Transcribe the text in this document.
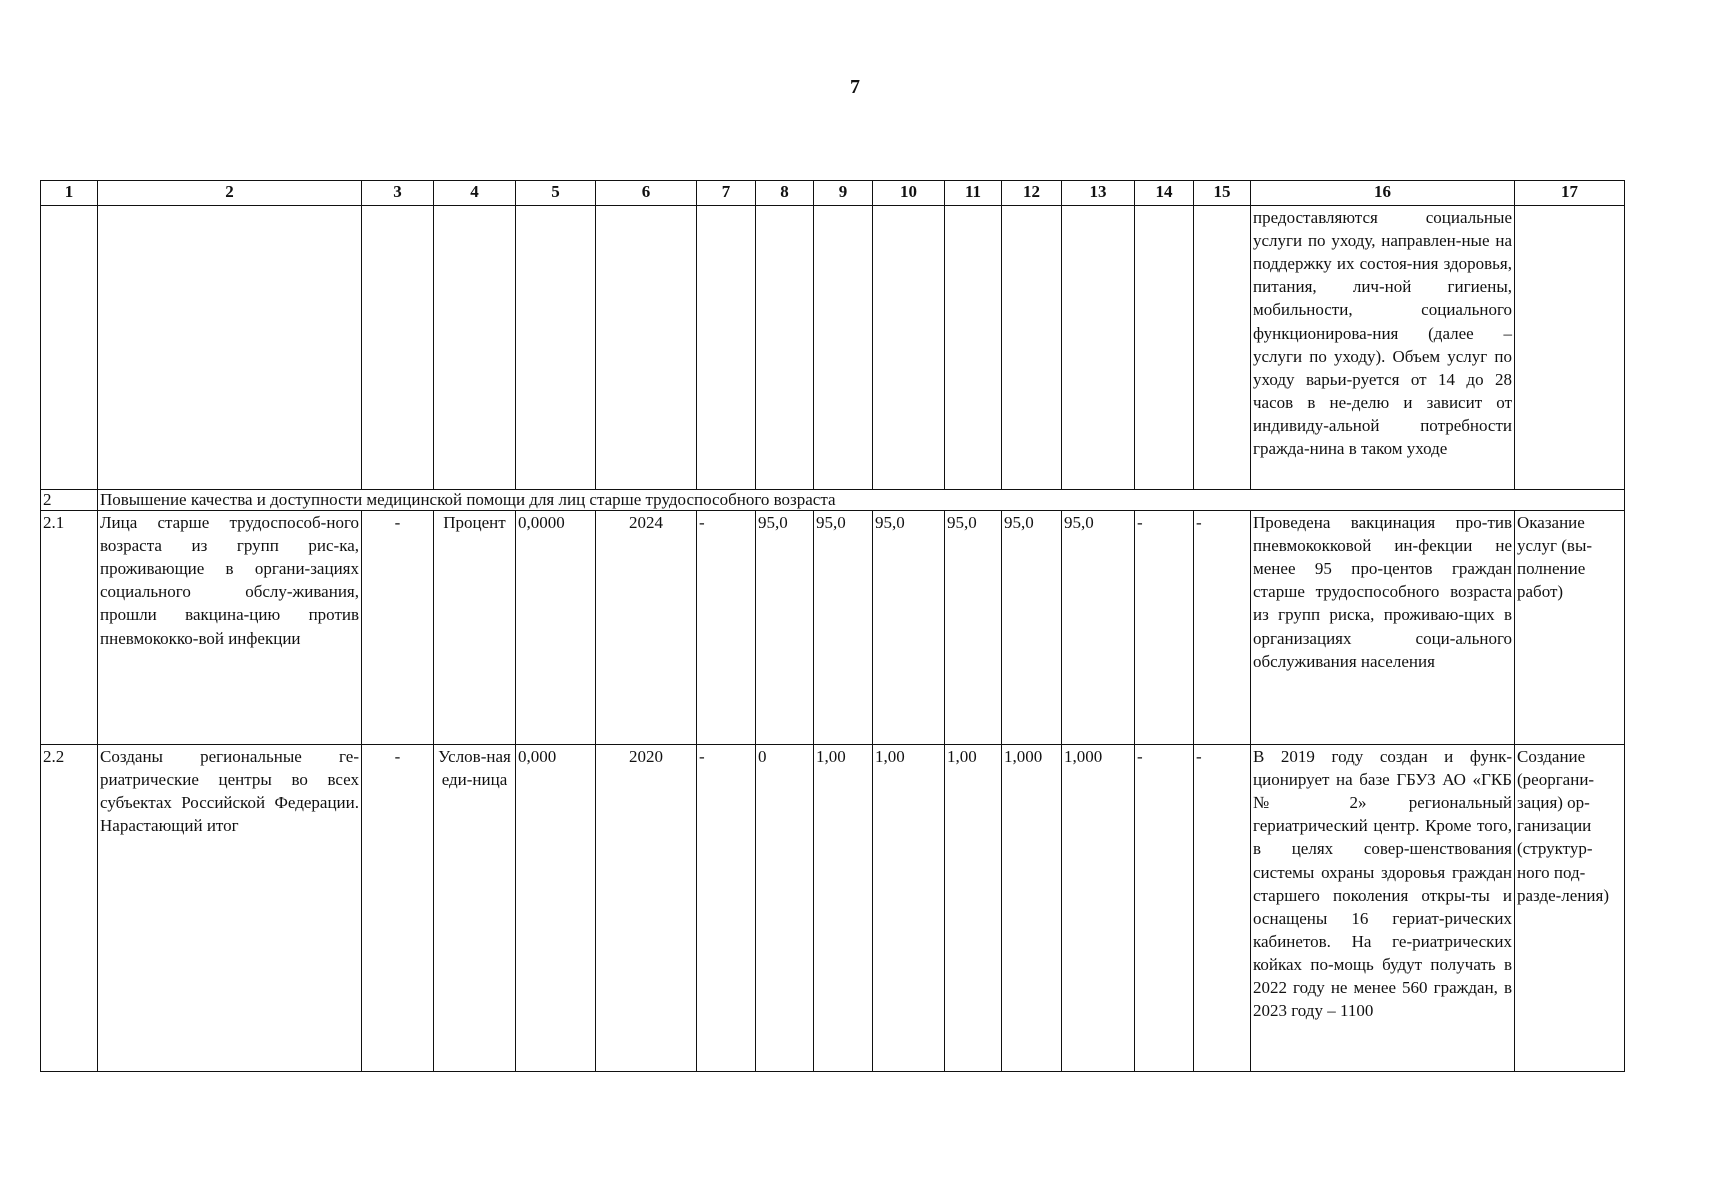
7
1	2	3	4	5	6	7	8	9	10	11	12	13	14	15	16	17
															предоставляются социальные услуги по уходу, направлен-ные на поддержку их состоя-ния здоровья, питания, лич-ной гигиены, мобильности, социального функционирова-ния (далее – услуги по уходу). Объем услуг по уходу варьи-руется от 14 до 28 часов в не-делю и зависит от индивиду-альной потребности гражда-нина в таком уходе	
2	Повышение качества и доступности медицинской помощи для лиц старше трудоспособного возраста															
2.1	Лица старше трудоспособ-ного возраста из групп рис-ка, проживающие в органи-зациях социального обслу-живания, прошли вакцина-цию против пневмококко-вой инфекции	-	Процент	0,0000	2024	-	95,0	95,0	95,0	95,0	95,0	95,0	-	-	Проведена вакцинация про-тив пневмококковой ин-фекции не менее 95 про-центов граждан старше трудоспособного возраста из групп риска, проживаю-щих в организациях соци-ального обслуживания населения	Оказание услуг (вы-полнение работ)
2.2	Созданы региональные ге-риатрические центры во всех субъектах Российской Федерации. Нарастающий итог	-	Услов-ная еди-ница	0,000	2020	-	0	1,00	1,00	1,00	1,000	1,000	-	-	В 2019 году создан и функ-ционирует на базе ГБУЗ АО «ГКБ № 2» региональный гериатрический центр. Кроме того, в целях совер-шенствования системы охраны здоровья граждан старшего поколения откры-ты и оснащены 16 гериат-рических кабинетов. На ге-риатрических койках по-мощь будут получать в 2022 году не менее 560 граждан, в 2023 году – 1100	Создание (реоргани-зация) ор-ганизации (структур-ного под-разде-ления)
